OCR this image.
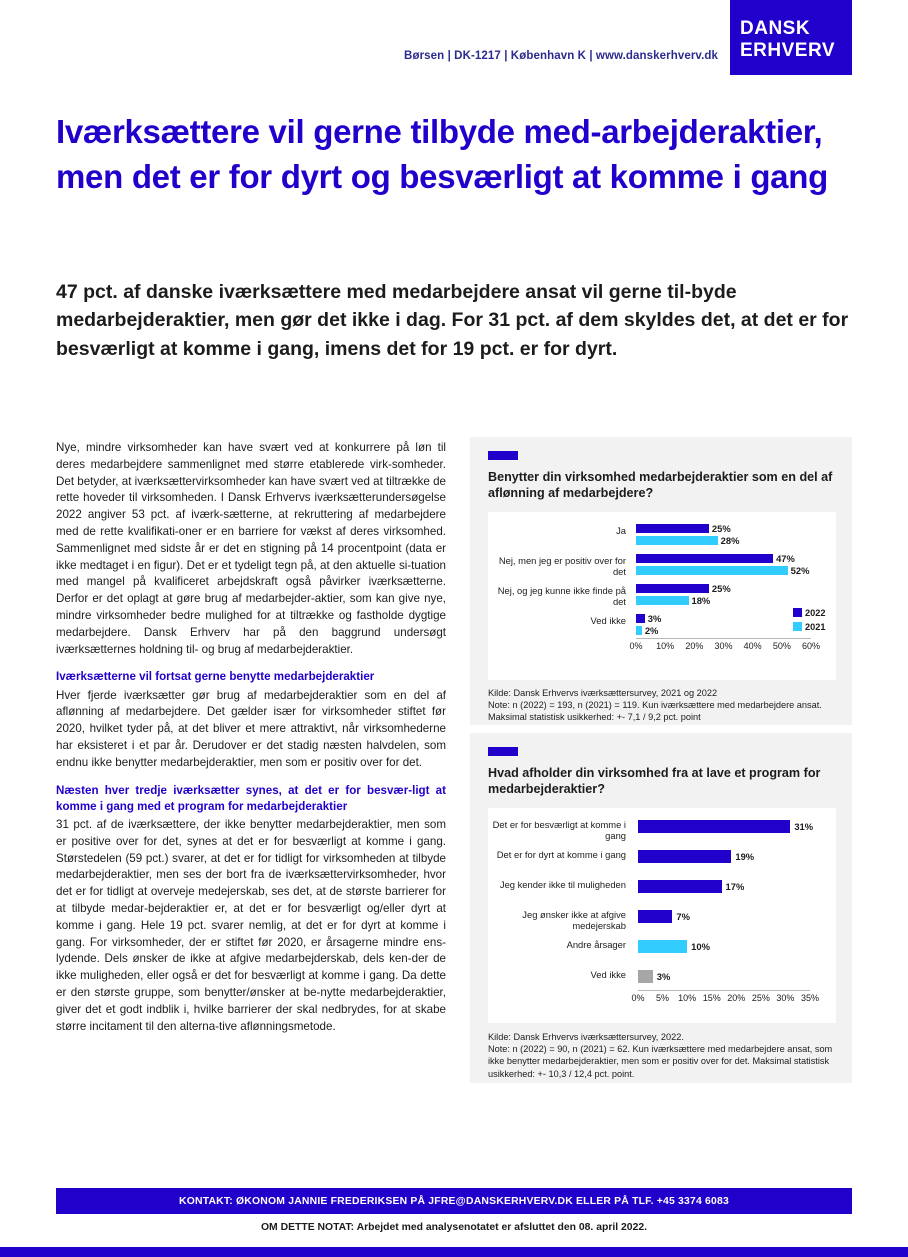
Børsen | DK-1217 | København K | www.danskerhverv.dk
DANSK
ERHVERV
Iværksættere vil gerne tilbyde med-arbejderaktier, men det er for dyrt og besværligt at komme i gang
47 pct. af danske iværksættere med medarbejdere ansat vil gerne til-byde medarbejderaktier, men gør det ikke i dag. For 31 pct. af dem skyldes det, at det er for besværligt at komme i gang, imens det for 19 pct. er for dyrt.

Nye, mindre virksomheder kan have svært ved at konkurrere på løn til deres medarbejdere sammenlignet med større etablerede virk-somheder. Det betyder, at iværksættervirksomheder kan have svært ved at tiltrække de rette hoveder til virksomheden. I Dansk Erhvervs iværksætterundersøgelse 2022 angiver 53 pct. af iværk-sætterne, at rekruttering af medarbejdere med de rette kvalifikati-oner er en barriere for vækst af deres virksomhed. Sammenlignet med sidste år er det en stigning på 14 procentpoint (data er ikke medtaget i en figur). Det er et tydeligt tegn på, at den aktuelle si-tuation med mangel på kvalificeret arbejdskraft også påvirker iværksætterne. Derfor er det oplagt at gøre brug af medarbejder-aktier, som kan give nye, mindre virksomheder bedre mulighed for at tiltrække og fastholde dygtige medarbejdere. Dansk Erhverv har på den baggrund undersøgt iværksætternes holdning til- og brug af medarbejderaktier.

Iværksætterne vil fortsat gerne benytte medarbejderaktier

Hver fjerde iværksætter gør brug af medarbejderaktier som en del af aflønning af medarbejdere. Det gælder især for virksomheder stiftet før 2020, hvilket tyder på, at det bliver et mere attraktivt, når virksomhederne har eksisteret i et par år. Derudover er det stadig næsten halvdelen, som endnu ikke benytter medarbejderaktier, men som er positiv over for det.

Næsten hver tredje iværksætter synes, at det er for besvær-ligt at komme i gang med et program for medarbejderaktier

31 pct. af de iværksættere, der ikke benytter medarbejderaktier, men som er positive over for det, synes at det er for besværligt at komme i gang. Størstedelen (59 pct.) svarer, at det er for tidligt for virksomheden at tilbyde medarbejderaktier, men ses der bort fra de iværksættervirksomheder, hvor det er for tidligt at overveje medejerskab, ses det, at de største barrierer for at tilbyde medar-bejderaktier er, at det er for besværligt og/eller dyrt at komme i gang. Hele 19 pct. svarer nemlig, at det er for dyrt at komme i gang. For virksomheder, der er stiftet før 2020, er årsagerne mindre ens-lydende. Dels ønsker de ikke at afgive medarbejderskab, dels ken-der de ikke muligheden, eller også er det for besværligt at komme i gang. Da dette er den største gruppe, som benytter/ønsker at be-nytte medarbejderaktier, giver det et godt indblik i, hvilke barrierer der skal nedbrydes, for at skabe større incitament til den alterna-tive aflønningsmetode.

Benytter din virksomhed medarbejderaktier som en del af aflønning af medarbejdere?
Ja	25%
28%
Nej, men jeg er positiv over for det
47%
52%
Nej, og jeg kunne ikke finde på det
25%
18%
Ved ikke 3%
2%
0%	10%	20%	30%	40%	50%	60%
2022
2021
Kilde: Dansk Erhvervs iværksættersurvey, 2021 og 2022
Note: n (2022) = 193, n (2021) = 119. Kun iværksættere med medarbejdere ansat. Maksimal statistisk usikkerhed: +- 7,1 / 9,2 pct. point
Hvad afholder din virksomhed fra at lave et program for medarbejderaktier?
Det er for besværligt at komme i gang
31%
Det er for dyrt at komme i gang	19%
Jeg kender ikke til muligheden	17%
Jeg ønsker ikke at afgive medejerskab
7%
Andre årsager	10%
Ved ikke	3%
0%	5%	10% 15% 20% 25% 30% 35%
Kilde: Dansk Erhvervs iværksættersurvey, 2022.
Note: n (2022) = 90, n (2021) = 62. Kun iværksættere med medarbejdere ansat, som ikke benytter medarbejderaktier, men som er positiv over for det. Maksimal statistisk usikkerhed: +- 10,3 / 12,4 pct. point.
KONTAKT: ØKONOM JANNIE FREDERIKSEN PÅ JFRE@DANSKERHVERV.DK ELLER PÅ TLF. +45 3374 6083
OM DETTE NOTAT: Arbejdet med analysenotatet er afsluttet den 08. april 2022.
